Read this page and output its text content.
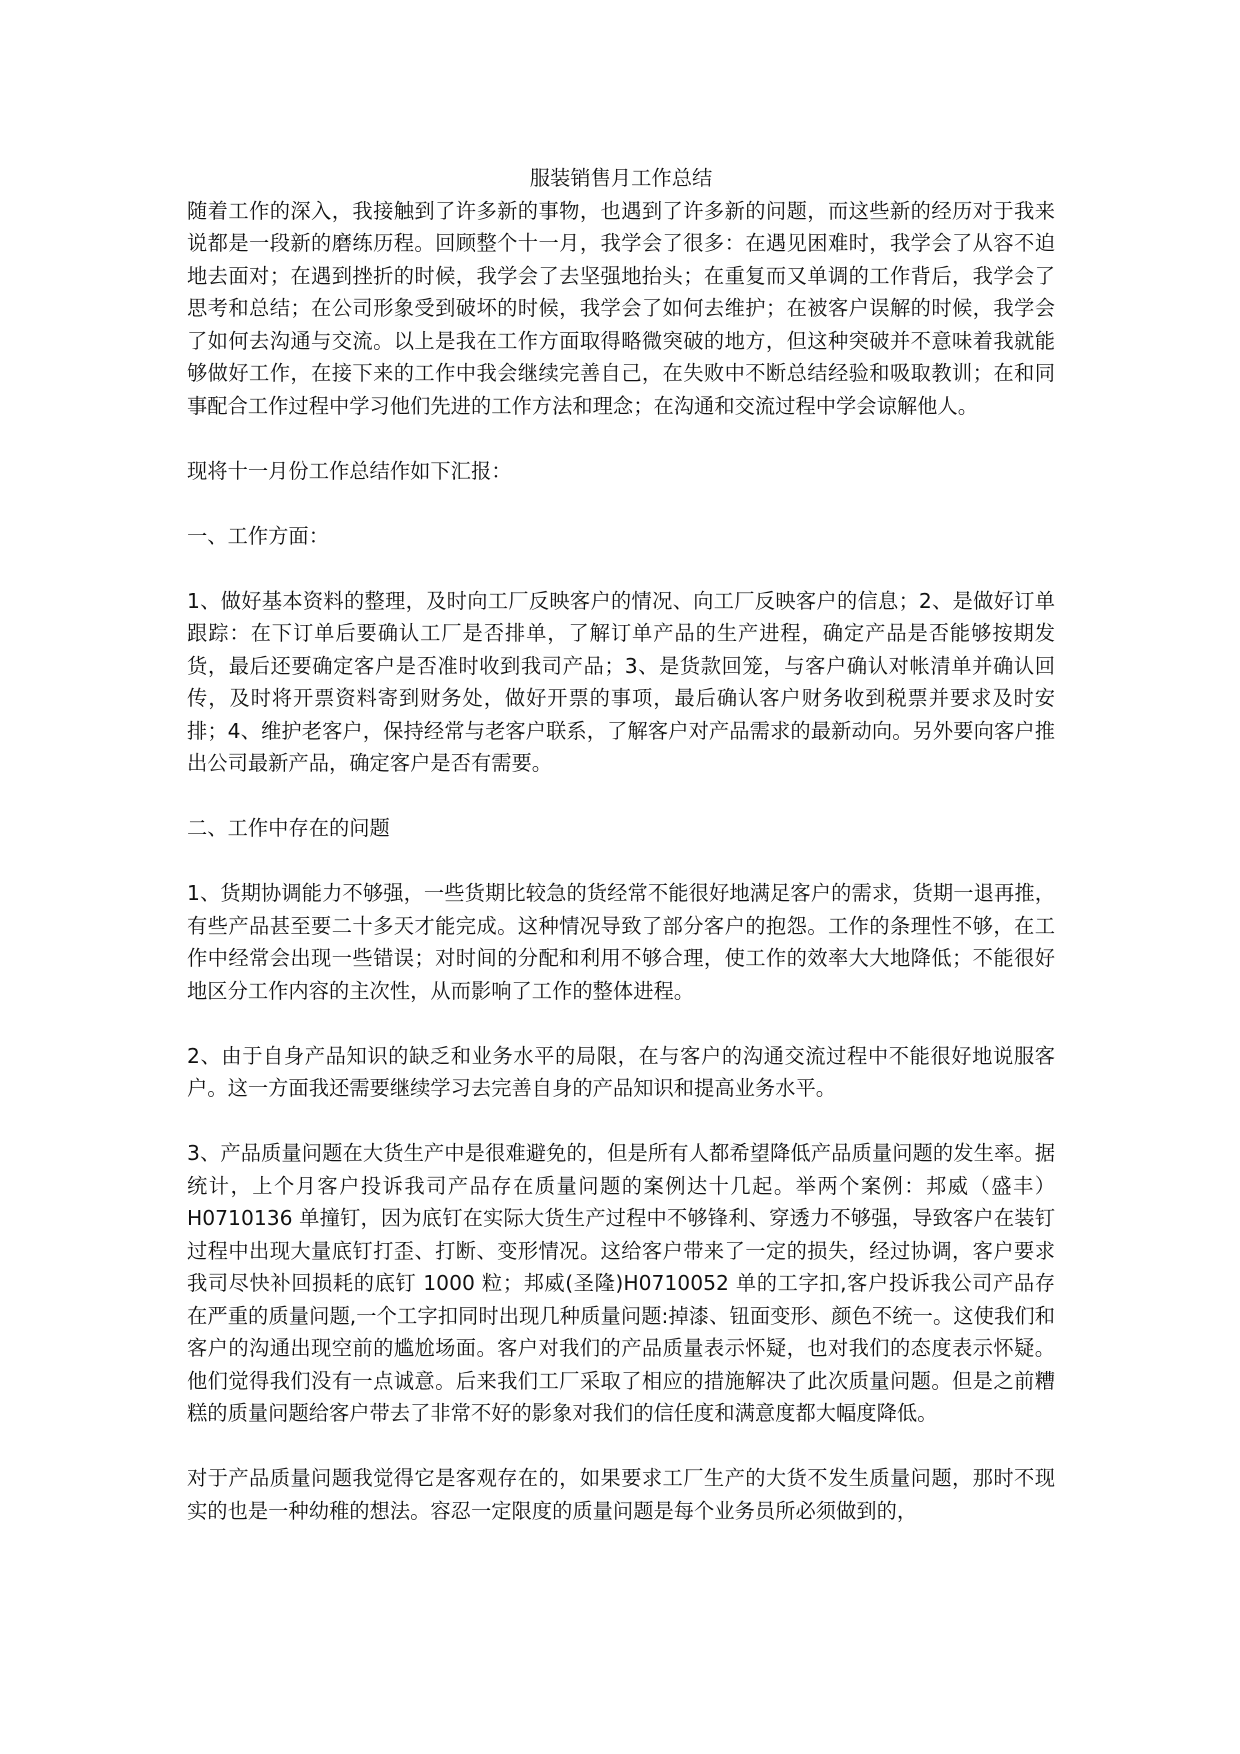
服装销售月工作总结

随着工作的深入，我接触到了许多新的事物，也遇到了许多新的问题，而这些新的经历对于我来说都是一段新的磨练历程。回顾整个十一月，我学会了很多：在遇见困难时，我学会了从容不迫地去面对；在遇到挫折的时候，我学会了去坚强地抬头；在重复而又单调的工作背后，我学会了思考和总结；在公司形象受到破坏的时候，我学会了如何去维护；在被客户误解的时候，我学会了如何去沟通与交流。以上是我在工作方面取得略微突破的地方，但这种突破并不意味着我就能够做好工作，在接下来的工作中我会继续完善自己，在失败中不断总结经验和吸取教训；在和同事配合工作过程中学习他们先进的工作方法和理念；在沟通和交流过程中学会谅解他人。

现将十一月份工作总结作如下汇报：

一、工作方面：

1、做好基本资料的整理，及时向工厂反映客户的情况、向工厂反映客户的信息；2、是做好订单跟踪：在下订单后要确认工厂是否排单，了解订单产品的生产进程，确定产品是否能够按期发货，最后还要确定客户是否准时收到我司产品；3、是货款回笼，与客户确认对帐清单并确认回传，及时将开票资料寄到财务处，做好开票的事项，最后确认客户财务收到税票并要求及时安排；4、维护老客户，保持经常与老客户联系，了解客户对产品需求的最新动向。另外要向客户推出公司最新产品，确定客户是否有需要。

二、工作中存在的问题

1、货期协调能力不够强，一些货期比较急的货经常不能很好地满足客户的需求，货期一退再推，有些产品甚至要二十多天才能完成。这种情况导致了部分客户的抱怨。工作的条理性不够，在工作中经常会出现一些错误；对时间的分配和利用不够合理，使工作的效率大大地降低；不能很好地区分工作内容的主次性，从而影响了工作的整体进程。

2、由于自身产品知识的缺乏和业务水平的局限，在与客户的沟通交流过程中不能很好地说服客户。这一方面我还需要继续学习去完善自身的产品知识和提高业务水平。

3、产品质量问题在大货生产中是很难避免的，但是所有人都希望降低产品质量问题的发生率。据统计，上个月客户投诉我司产品存在质量问题的案例达十几起。举两个案例：邦威（盛丰）H0710136 单撞钉，因为底钉在实际大货生产过程中不够锋利、穿透力不够强，导致客户在装钉过程中出现大量底钉打歪、打断、变形情况。这给客户带来了一定的损失，经过协调，客户要求我司尽快补回损耗的底钉 1000 粒；邦威(圣隆)H0710052 单的工字扣,客户投诉我公司产品存在严重的质量问题,一个工字扣同时出现几种质量问题:掉漆、钮面变形、颜色不统一。这使我们和客户的沟通出现空前的尴尬场面。客户对我们的产品质量表示怀疑，也对我们的态度表示怀疑。他们觉得我们没有一点诚意。后来我们工厂采取了相应的措施解决了此次质量问题。但是之前糟糕的质量问题给客户带去了非常不好的影象对我们的信任度和满意度都大幅度降低。

对于产品质量问题我觉得它是客观存在的，如果要求工厂生产的大货不发生质量问题，那时不现实的也是一种幼稚的想法。容忍一定限度的质量问题是每个业务员所必须做到的，
